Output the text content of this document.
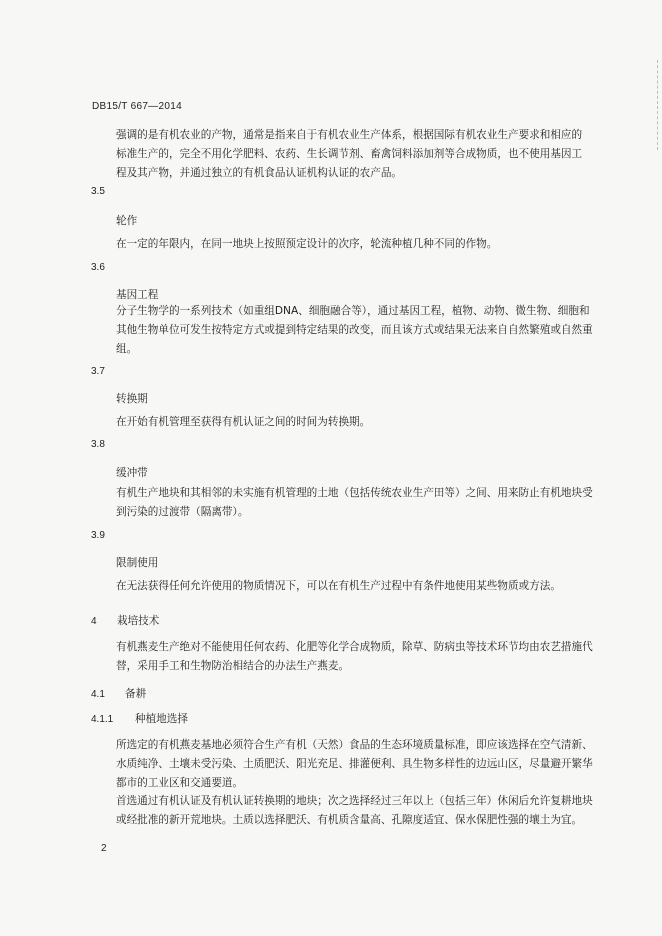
DB15/T 667—2014
强调的是有机农业的产物，通常是指来自于有机农业生产体系，根据国际有机农业生产要求和相应的标准生产的，完全不用化学肥料、农药、生长调节剂、畜禽饲料添加剂等合成物质，也不使用基因工程及其产物，并通过独立的有机食品认证机构认证的农产品。
3.5
轮作
在一定的年限内，在同一地块上按照预定设计的次序，轮流种植几种不同的作物。
3.6
基因工程
分子生物学的一系列技术（如重组DNA、细胞融合等），通过基因工程，植物、动物、微生物、细胞和其他生物单位可发生按特定方式或提到特定结果的改变，而且该方式或结果无法来自自然繁殖或自然重组。
3.7
转换期
在开始有机管理至获得有机认证之间的时间为转换期。
3.8
缓冲带
有机生产地块和其相邻的未实施有机管理的土地（包括传统农业生产田等）之间、用来防止有机地块受到污染的过渡带（隔离带）。
3.9
限制使用
在无法获得任何允许使用的物质情况下，可以在有机生产过程中有条件地使用某些物质或方法。
4 栽培技术
有机燕麦生产绝对不能使用任何农药、化肥等化学合成物质，除草、防病虫等技术环节均由农艺措施代替，采用手工和生物防治相结合的办法生产燕麦。
4.1 备耕
4.1.1 种植地选择
所选定的有机燕麦基地必须符合生产有机（天然）食品的生态环境质量标准，即应该选择在空气清新、水质纯净、土壤未受污染、土质肥沃、阳光充足、排灌便利、具生物多样性的边远山区，尽量避开繁华都市的工业区和交通要道。
首选通过有机认证及有机认证转换期的地块；次之选择经过三年以上（包括三年）休闲后允许复耕地块或经批准的新开荒地块。土质以选择肥沃、有机质含量高、孔隙度适宜、保水保肥性强的壤土为宜。
2
